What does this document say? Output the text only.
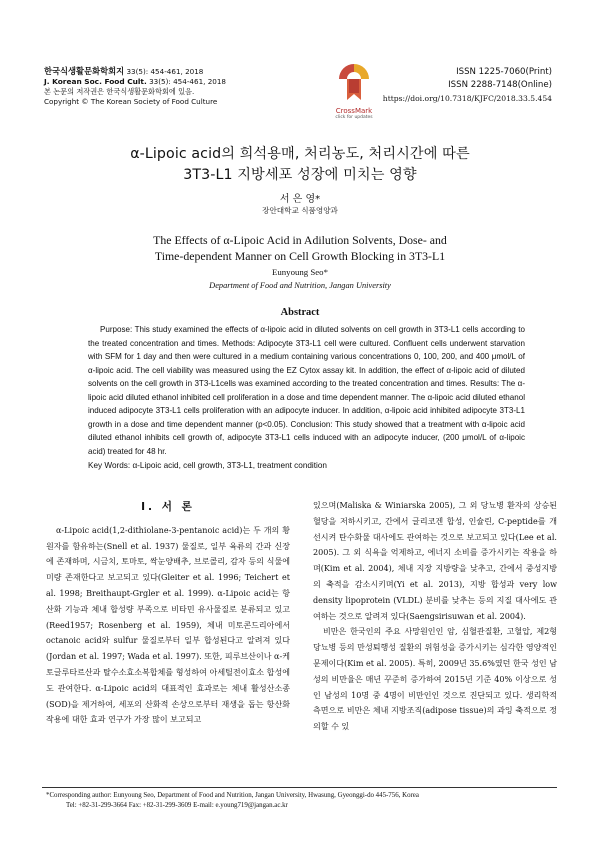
한국식생활문화학회지 33(5): 454-461, 2018
J. Korean Soc. Food Cult. 33(5): 454-461, 2018
본 논문의 저작권은 한국식생활문화학회에 있음.
Copyright © The Korean Society of Food Culture
CrossMark
click for updates
ISSN 1225-7060(Print)
ISSN 2288-7148(Online)
https://doi.org/10.7318/KJFC/2018.33.5.454
α-Lipoic acid의 희석용매, 처리농도, 처리시간에 따른
3T3-L1 지방세포 성장에 미치는 영향
서 은 영*
장안대학교 식품영양과
The Effects of α-Lipoic Acid in Adilution Solvents, Dose- and
Time-dependent Manner on Cell Growth Blocking in 3T3-L1
Eunyoung Seo*
Department of Food and Nutrition, Jangan University
Abstract
Purpose: This study examined the effects of α-lipoic acid in diluted solvents on cell growth in 3T3-L1 cells according to the treated concentration and times. Methods: Adipocyte 3T3-L1 cell were cultured. Confluent cells underwent starvation with SFM for 1 day and then were cultured in a medium containing various concentrations 0, 100, 200, and 400 μmol/L of α-lipoic acid. The cell viability was measured using the EZ Cytox assay kit. In addition, the effect of α-lipoic acid of diluted solvents on the cell growth in 3T3-L1cells was examined according to the treated concentration and times. Results: The α-lipoic acid diluted ethanol inhibited cell proliferation in a dose and time dependent manner. The α-lipoic acid diluted ethanol induced adipocyte 3T3-L1 cells proliferation with an adipocyte inducer. In addition, α-lipoic acid inhibited adipocyte 3T3-L1 growth in a dose and time dependent manner (p<0.05). Conclusion: This study showed that a treatment with α-lipoic acid diluted ethanol inhibits cell growth of, adipocyte 3T3-L1 cells induced with an adipocyte inducer, (200 μmol/L of α-lipoic acid) treated for 48 hr.
Key Words: α-Lipoic acid, cell growth, 3T3-L1, treatment condition
Ⅰ. 서 론

α-Lipoic acid(1,2-dithiolane-3-pentanoic acid)는 두 개의 황 원자를 함유하는(Snell et al. 1937) 물질로, 일부 육류의 간과 신장에 존재하며, 시금치, 토마토, 싹눈양배추, 브로콜리, 감자 등의 식물에 미량 존재한다고 보고되고 있다(Gleiter et al. 1996; Teichert et al. 1998; Breithaupt-Grgler et al. 1999). α-Lipoic acid는 항산화 기능과 체내 합성량 부족으로 비타민 유사물질로 분류되고 있고(Reed1957; Rosenberg et al. 1959), 체내 미토콘드리아에서 octanoic acid와 sulfur 물질로부터 일부 합성된다고 알려져 있다(Jordan et al. 1997; Wada et al. 1997). 또한, 피루브산이나 α-케토글루타르산과 탈수소효소복합체를 형성하여 아세틸전이효소 합성에도 관여한다. α-Lipoic acid의 대표적인 효과로는 체내 활성산소종 (SOD)을 제거하여, 세포의 산화적 손상으로부터 재생을 돕는 항산화 작용에 대한 효과 연구가 가장 많이 보고되고

있으며(Maliska & Winiarska 2005), 그 외 당뇨병 환자의 상승된 혈당을 저하시키고, 간에서 글리코겐 합성, 인슐린, C-peptide를 개선시켜 탄수화물 대사에도 관여하는 것으로 보고되고 있다(Lee et al. 2005). 그 외 식욕을 억제하고, 에너지 소비를 증가시키는 작용을 하며(Kim et al. 2004), 체내 지장 지방량을 낮추고, 간에서 중성지방의 축적을 감소시키며(Yi et al. 2013), 지방 합성과 very low density lipoprotein (VLDL) 분비를 낮추는 등의 지질 대사에도 관여하는 것으로 알려져 있다(Saengsirisuwan et al. 2004).

비만은 한국인의 주요 사망원인인 암, 심혈관질환, 고혈압, 제2형 당뇨병 등의 만성퇴행성 질환의 위험성을 증가시키는 심각한 영양적인 문제이다(Kim et al. 2005). 특히, 2009년 35.6%였던 한국 성인 남성의 비만율은 매년 꾸준히 증가하여 2015년 기준 40% 이상으로 성인 남성의 10명 중 4명이 비만인인 것으로 진단되고 있다. 생리학적 측면으로 비만은 체내 지방조직(adipose tissue)의 과잉 축적으로 정의할 수 있

*Corresponding author: Eunyoung Seo, Department of Food and Nutrition, Jangan University, Hwasung, Gyeonggi-do 445-756, Korea
Tel: +82-31-299-3664 Fax: +82-31-299-3609 E-mail: e.young719@jangan.ac.kr
